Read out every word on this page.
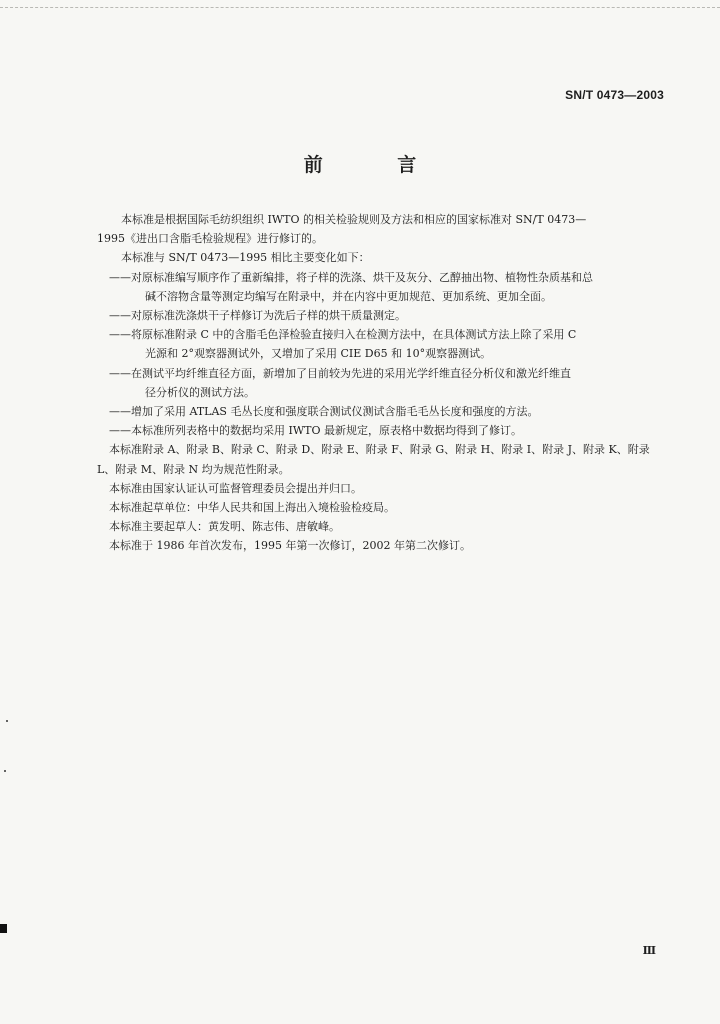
SN/T 0473—2003
前 言
本标准是根据国际毛纺织组织 IWTO 的相关检验规则及方法和相应的国家标准对 SN/T 0473—
1995《进出口含脂毛检验规程》进行修订的。
本标准与 SN/T 0473—1995 相比主要变化如下：
——对原标准编写顺序作了重新编排，将子样的洗涤、烘干及灰分、乙醇抽出物、植物性杂质基和总
碱不溶物含量等测定均编写在附录中，并在内容中更加规范、更加系统、更加全面。
——对原标准洗涤烘干子样修订为洗后子样的烘干质量测定。
——将原标准附录 C 中的含脂毛色泽检验直接归入在检测方法中，在具体测试方法上除了采用 C
光源和 2°观察器测试外，又增加了采用 CIE D65 和 10°观察器测试。
——在测试平均纤维直径方面，新增加了目前较为先进的采用光学纤维直径分析仪和激光纤维直
径分析仪的测试方法。
——增加了采用 ATLAS 毛丛长度和强度联合测试仪测试含脂毛毛丛长度和强度的方法。
——本标准所列表格中的数据均采用 IWTO 最新规定，原表格中数据均得到了修订。
本标准附录 A、附录 B、附录 C、附录 D、附录 E、附录 F、附录 G、附录 H、附录 I、附录 J、附录 K、附录
L、附录 M、附录 N 均为规范性附录。
本标准由国家认证认可监督管理委员会提出并归口。
本标准起草单位：中华人民共和国上海出入境检验检疫局。
本标准主要起草人：黄发明、陈志伟、唐敏峰。
本标准于 1986 年首次发布，1995 年第一次修订，2002 年第二次修订。
Ⅲ
